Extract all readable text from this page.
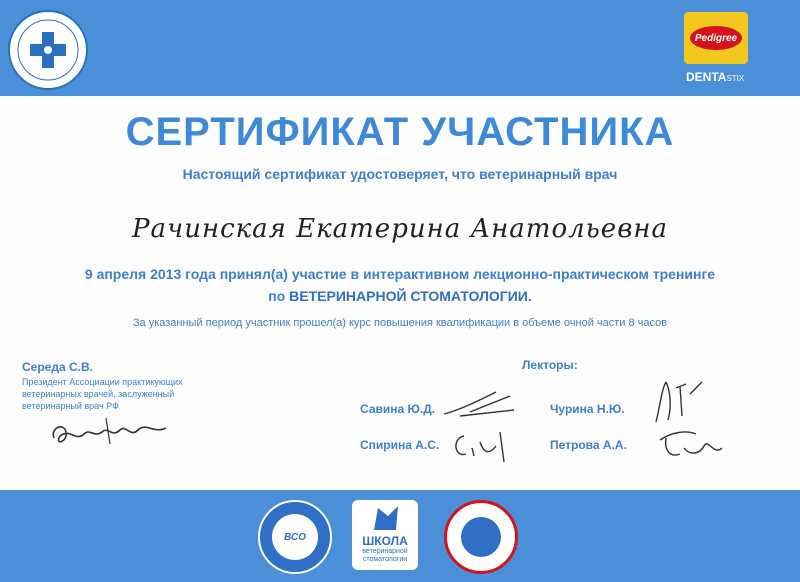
Pedigree
DENTASTIX
СЕРТИФИКАТ УЧАСТНИКА
Настоящий сертификат удостоверяет, что ветеринарный врач
Рачинская Екатерина Анатольевна
9 апреля 2013 года принял(а) участие в интерактивном лекционно-практическом тренинге
по ВЕТЕРИНАРНОЙ СТОМАТОЛОГИИ.
За указанный период участник прошел(а) курс повышения квалификации в объеме очной части 8 часов
Середа С.В.
Президент Ассоциации практикующих ветеринарных врачей, заслуженный ветеринарный врач РФ
Лекторы:
Савина Ю.Д.	Чурина Н.Ю.
Спирина А.С.	Петрова А.А.
ВСО	ШКОЛА
ветеринарной стоматологии
